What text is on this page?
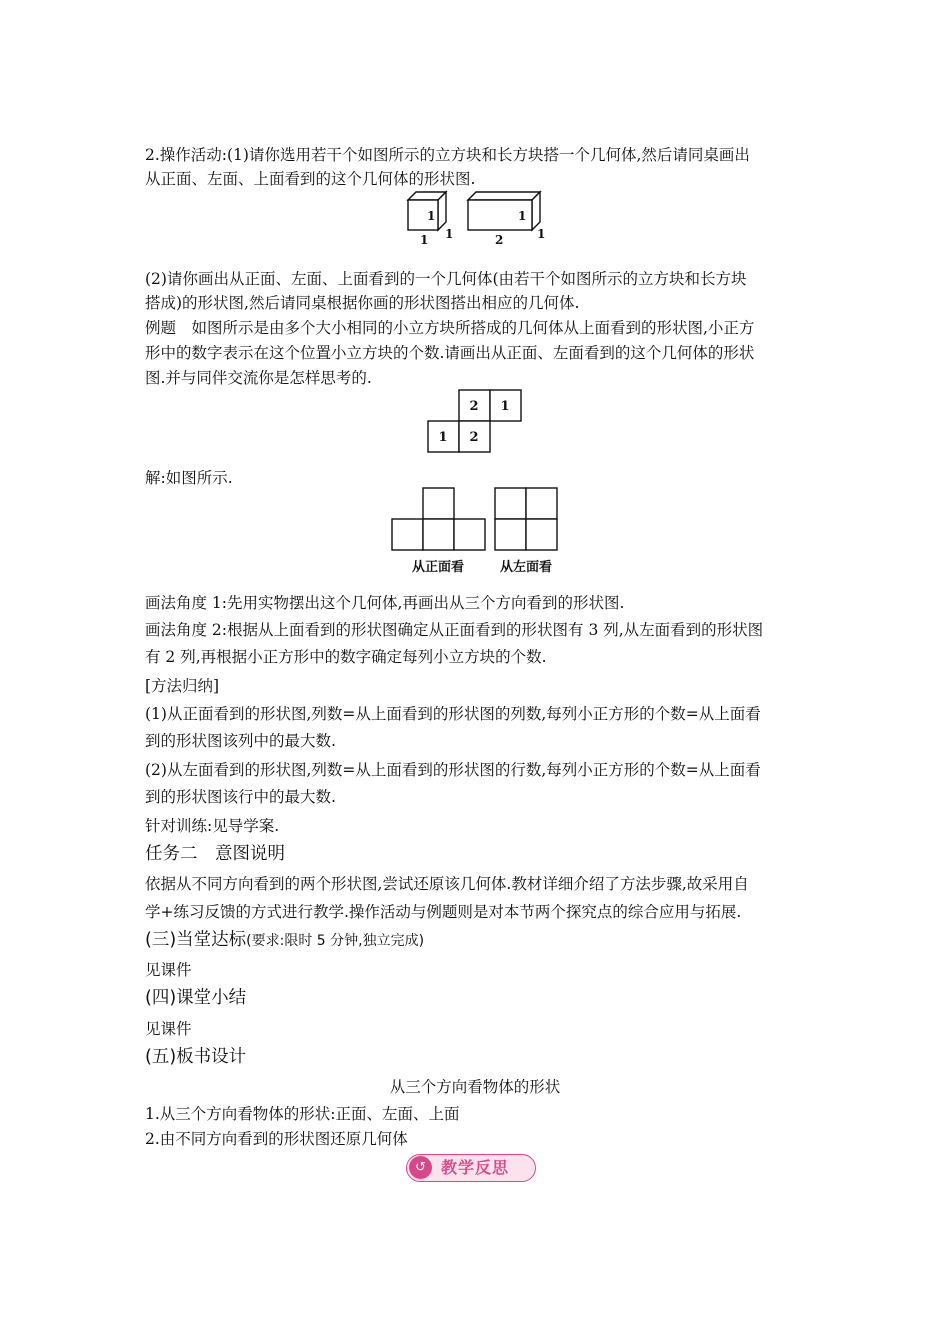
2.操作活动:(1)请你选用若干个如图所示的立方块和长方块搭一个几何体,然后请同桌画出
从正面、左面、上面看到的这个几何体的形状图.
1
1 1
1
2	1
(2)请你画出从正面、左面、上面看到的一个几何体(由若干个如图所示的立方块和长方块
搭成)的形状图,然后请同桌根据你画的形状图搭出相应的几何体.
例题　如图所示是由多个大小相同的小立方块所搭成的几何体从上面看到的形状图,小正方
形中的数字表示在这个位置小立方块的个数.请画出从正面、左面看到的这个几何体的形状
图.并与同伴交流你是怎样思考的.
2 1
1 2
解:如图所示.
从正面看	从左面看
画法角度 1:先用实物摆出这个几何体,再画出从三个方向看到的形状图.
画法角度 2:根据从上面看到的形状图确定从正面看到的形状图有 3 列,从左面看到的形状图
有 2 列,再根据小正方形中的数字确定每列小立方块的个数.
[方法归纳]
(1)从正面看到的形状图,列数=从上面看到的形状图的列数,每列小正方形的个数=从上面看
到的形状图该列中的最大数.
(2)从左面看到的形状图,列数=从上面看到的形状图的行数,每列小正方形的个数=从上面看
到的形状图该行中的最大数.
针对训练:见导学案.
任务二　意图说明
依据从不同方向看到的两个形状图,尝试还原该几何体.教材详细介绍了方法步骤,故采用自
学+练习反馈的方式进行教学.操作活动与例题则是对本节两个探究点的综合应用与拓展.
(三)当堂达标(要求:限时 5 分钟,独立完成)
见课件
(四)课堂小结
见课件
(五)板书设计
从三个方向看物体的形状
1.从三个方向看物体的形状:正面、左面、上面
2.由不同方向看到的形状图还原几何体
↺ 教学反思
